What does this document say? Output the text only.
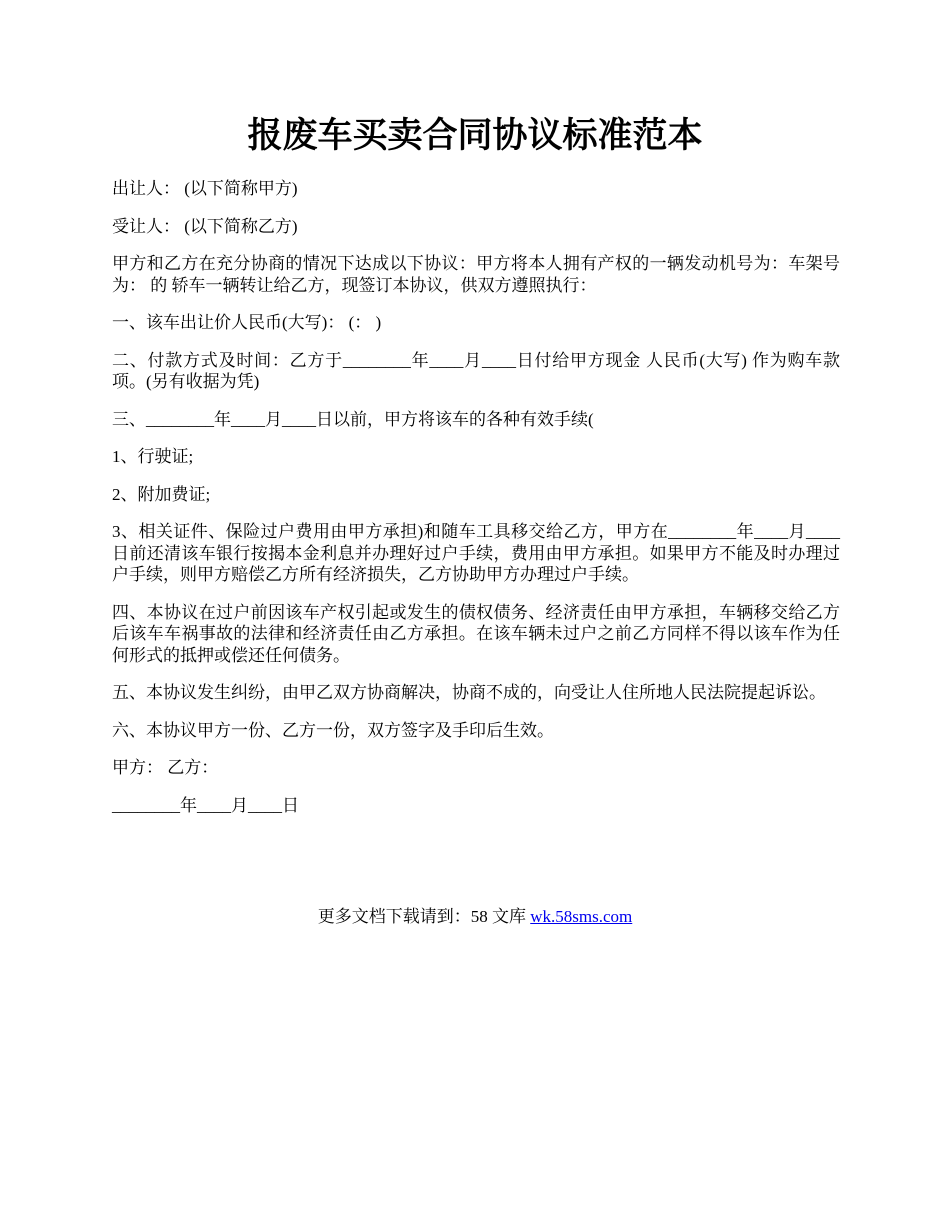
报废车买卖合同协议标准范本

出让人： (以下简称甲方)

受让人： (以下简称乙方)

甲方和乙方在充分协商的情况下达成以下协议：甲方将本人拥有产权的一辆发动机号为：车架号为： 的 轿车一辆转让给乙方，现签订本协议，供双方遵照执行：

一、该车出让价人民币(大写)： (： )

二、付款方式及时间：乙方于________年____月____日付给甲方现金 人民币(大写) 作为购车款项。(另有收据为凭)

三、________年____月____日以前，甲方将该车的各种有效手续(

1、行驶证;

2、附加费证;

3、相关证件、保险过户费用由甲方承担)和随车工具移交给乙方，甲方在________年____月____日前还清该车银行按揭本金利息并办理好过户手续，费用由甲方承担。如果甲方不能及时办理过户手续，则甲方赔偿乙方所有经济损失，乙方协助甲方办理过户手续。

四、本协议在过户前因该车产权引起或发生的债权债务、经济责任由甲方承担，车辆移交给乙方后该车车祸事故的法律和经济责任由乙方承担。在该车辆未过户之前乙方同样不得以该车作为任何形式的抵押或偿还任何债务。

五、本协议发生纠纷，由甲乙双方协商解决，协商不成的，向受让人住所地人民法院提起诉讼。

六、本协议甲方一份、乙方一份，双方签字及手印后生效。

甲方： 乙方：

________年____月____日

更多文档下载请到：58 文库 wk.58sms.com
